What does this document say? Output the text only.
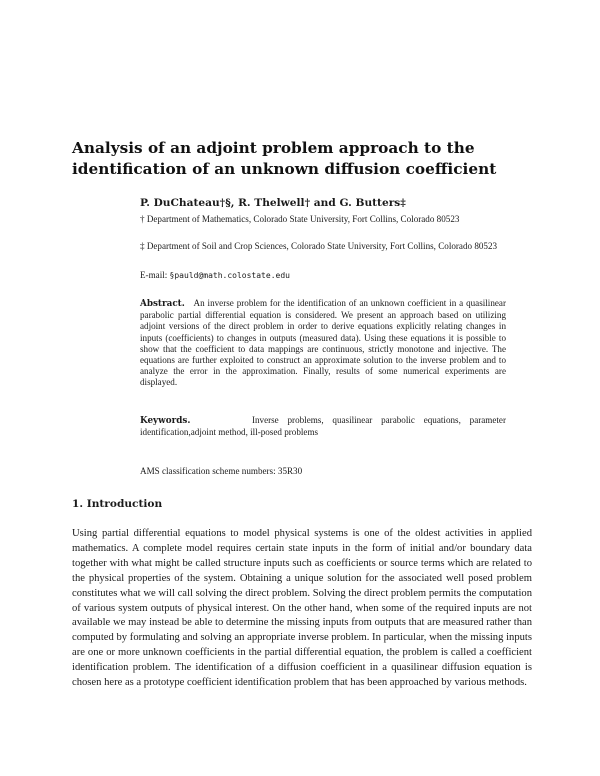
Analysis of an adjoint problem approach to the
identification of an unknown diffusion coefficient

P. DuChateau†§, R. Thelwell† and G. Butters‡

† Department of Mathematics, Colorado State University, Fort Collins, Colorado 80523

‡ Department of Soil and Crop Sciences, Colorado State University, Fort Collins, Colorado 80523

E-mail: §pauld@math.colostate.edu

Abstract. An inverse problem for the identification of an unknown coefficient in a quasilinear parabolic partial differential equation is considered. We present an approach based on utilizing adjoint versions of the direct problem in order to derive equations explicitly relating changes in inputs (coefficients) to changes in outputs (measured data). Using these equations it is possible to show that the coefficient to data mappings are continuous, strictly monotone and injective. The equations are further exploited to construct an approximate solution to the inverse problem and to analyze the error in the approximation. Finally, results of some numerical experiments are displayed.

Keywords.	Inverse problems, quasilinear parabolic equations, parameter identification,adjoint method, ill-posed problems

AMS classification scheme numbers: 35R30

1. Introduction

Using partial differential equations to model physical systems is one of the oldest activities in applied mathematics. A complete model requires certain state inputs in the form of initial and/or boundary data together with what might be called structure inputs such as coefficients or source terms which are related to the physical properties of the system. Obtaining a unique solution for the associated well posed problem constitutes what we will call solving the direct problem. Solving the direct problem permits the computation of various system outputs of physical interest. On the other hand, when some of the required inputs are not available we may instead be able to determine the missing inputs from outputs that are measured rather than computed by formulating and solving an appropriate inverse problem. In particular, when the missing inputs are one or more unknown coefficients in the partial differential equation, the problem is called a coefficient identification problem. The identification of a diffusion coefficient in a quasilinear diffusion equation is chosen here as a prototype coefficient identification problem that has been approached by various methods.
